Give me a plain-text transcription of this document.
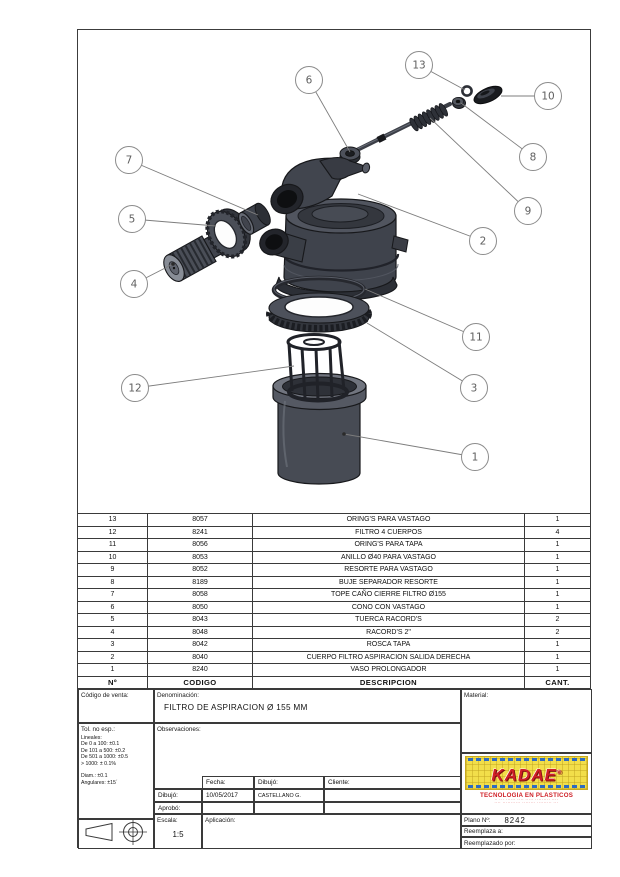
6
13
10
8
9
2
7
5
4
11
3
12
1
13	8057	ORING'S PARA VASTAGO	1
12	8241	FILTRO 4 CUERPOS	4
11	8056	ORING'S PARA TAPA	1
10	8053	ANILLO Ø40 PARA VASTAGO	1
9	8052	RESORTE PARA VASTAGO	1
8	8189	BUJE SEPARADOR RESORTE	1
7	8058	TOPE CAÑO CIERRE FILTRO Ø155	1
6	8050	CONO CON VASTAGO	1
5	8043	TUERCA RACORD'S	2
4	8048	RACORD'S 2"	2
3	8042	ROSCA TAPA	1
2	8040	CUERPO FILTRO ASPIRACION SALIDA DERECHA	1
1	8240	VASO PROLONGADOR	1
Nº	CODIGO	DESCRIPCION	CANT.
Código de venta:	Denominación:
FILTRO DE ASPIRACION Ø 155 MM
Material:
Tol. no esp.:
Lineales:
De 0 a 100: ±0.1
De 101 a 500: ±0.2
De 501 a 1000: ±0.5
> 1000: ± 0.1%
Diam.: ±0.1
Angulares: ±15´
Observaciones:
Fecha:	Dibujó:	Cliente:
Dibujó:	10/05/2017	CASTELLANO G.
Aprobó:
Escala:
1:5
Aplicación:
KADAE®
TECNOLOGIA EN PLASTICOS
·· ··· ······ ···· ····· ········· ····
···· ··········· ········ ········· ···
Plano Nº: 8242
Reemplaza a:
Reemplazado por:
